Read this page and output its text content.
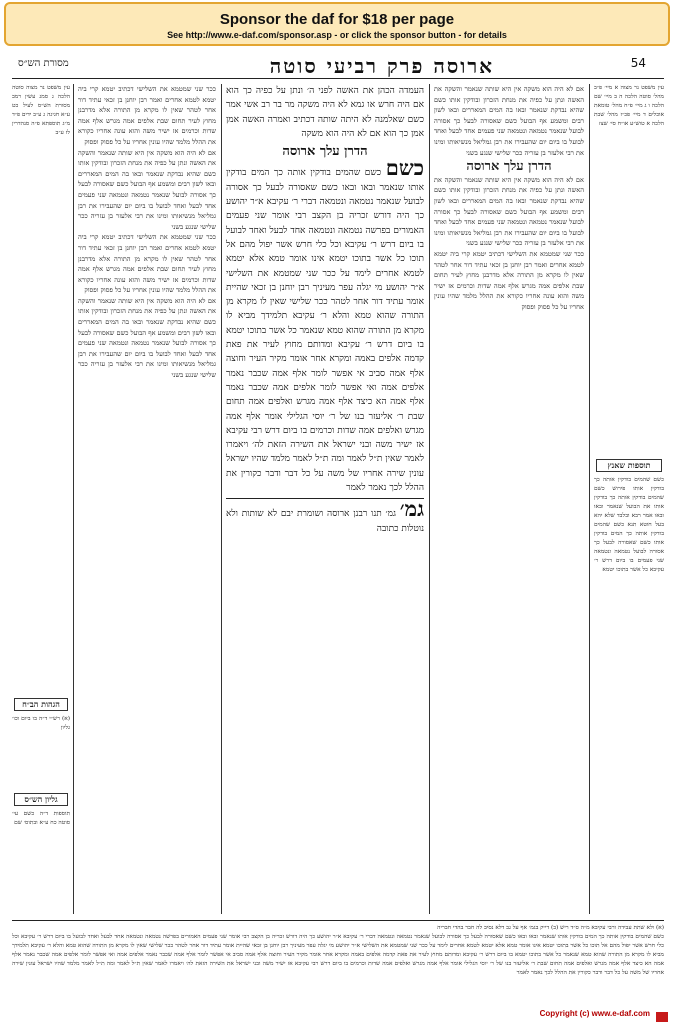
Sponsor the daf for $18 per page
See http://www.e-daf.com/sponsor.asp - or click the sponsor button - for details
54
ארוסה פרק רביעי סוטה
מסורת הש״ס
עין משפט נר מצוה א מיי׳ פ״ב מהל׳ סוטה הלכה ה ב מיי׳ שם הלכה ו ג מיי׳ פ״ח מהל׳ טומאת אוכלים ד מיי׳ פכ״ז מהל׳ שבת הלכה א טוש״ע או״ח סי׳ שצז
תוספות שאנץ
כשם שהמים בודקין אותה כך בודקין אותו פירוש כשם שהמים בודקין אותה כך בודקין אותו את הבועל שנאמר ובאו ובאו אמר רבא ובלבד שלא יהא בעל חוטא תנא כשם שהמים בודקין אותה כך המים בודקין אותו כשם שאסורה לבעל כך אסורה לבועל נטמאה ונטמאה שני פעמים בו ביום דרש ר׳ עקיבא כל אשר בתוכו יטמא
אם לא היה הוא משקה אין היא שותה שנאמר והשקה את האשה ונתן על כפיה את מנחת הזכרון ובודקין אותו כשם שהיא נבדקת שנאמר ובאו בה המים המאררים ובאו לשון רבים ומשמע אף הבועל כשם שאסורה לבעל כך אסורה לבועל שנאמר נטמאה ונטמאה שני פעמים אחד לבעל ואחד לבועל בו ביום יום שהעבירו את רבן גמליאל מנשיאותו ומינו את רבי אלעזר בן עזריה ככר שלישי שנגע בשני
הדרן עלך ארוסה
אם לא היה הוא משקה אין היא שותה שנאמר והשקה את האשה ונתן על כפיה את מנחת הזכרון ובודקין אותו כשם שהיא נבדקת שנאמר ובאו בה המים המאררים ובאו לשון רבים ומשמע אף הבועל כשם שאסורה לבעל כך אסורה לבועל שנאמר נטמאה ונטמאה שני פעמים אחד לבעל ואחד לבועל בו ביום יום שהעבירו את רבן גמליאל מנשיאותו ומינו את רבי אלעזר בן עזריה ככר שלישי שנגע בשני
ככר שני שמטמא את השלישי דכתיב יטמא קרי ביה יטמא לטמא אחרים ואמר רבן יוחנן בן זכאי עתיד דור אחר לטהר שאין לו מקרא מן התורה אלא מדרבנן מחוץ לעיר תחום שבת אלפים אמה מגרש אלף אמה שדות וכרמים אז ישיר משה והוא עונה אחריו כקורא את ההלל מלמד שהיו עונין אחריו על כל פסוק ופסוק
העמדה הכהן את האשה לפני ה׳ ונתן על כפיה כך הוא אם היה חרש או גמא לא היה משקה מר בר רב אשי אמר כשם שאלמנה לא היתה שותה דכתיב ואמרה האשה אמן אמן כך הוא אם לא היה הוא משקה
הדרן עלך ארוסה
כשם כשם שהמים בודקין אותה כך המים בודקין אותו שנאמר ובאו ובאו כשם שאסורה לבעל כך אסורה לבועל שנאמר נטמאה ונטמאה דברי ר׳ עקיבא א״ר יהושע כך היה דורש זכריה בן הקצב רבי אומר שני פעמים האמורים בפרשה נטמאה ונטמאה אחד לבעל ואחד לבועל בו ביום דרש ר׳ עקיבא וכל כלי חרש אשר יפול מהם אל תוכו כל אשר בתוכו יטמא אינו אומר טמא אלא יטמא לטמא אחרים לימד על ככר שני שמטמא את השלישי א״ר יהושע מי יגלה עפר מעיניך רבן יוחנן בן זכאי שהיית אומר עתיד דור אחר לטהר ככר שלישי שאין לו מקרא מן התורה שהוא טמא והלא ר׳ עקיבא תלמידך מביא לו מקרא מן התורה שהוא טמא שנאמר כל אשר בתוכו יטמא בו ביום דרש ר׳ עקיבא ומדותם מחוץ לעיר את פאת קדמה אלפים באמה ומקרא אחר אומר מקיר העיר וחוצה אלף אמה סביב אי אפשר לומר אלף אמה שכבר נאמר אלפים אמה ואי אפשר לומר אלפים אמה שכבר נאמר אלף אמה הא כיצד אלף אמה מגרש ואלפים אמה תחום שבת ר׳ אליעזר בנו של ר׳ יוסי הגלילי אומר אלף אמה מגרש ואלפים אמה שדות וכרמים בו ביום דרש רבי עקיבא אז ישיר משה ובני ישראל את השירה הזאת לה׳ ויאמרו לאמר שאין ת״ל לאמר ומה ת״ל לאמר מלמד שהיו ישראל עונין שירה אחריו של משה על כל דבר ודבר כקורין את ההלל לכך נאמר לאמר
גמ׳ גמ׳ תנו רבנן ארוסה ושומרת יבם לא שותות ולא נוטלות כתובה
ככר שני שמטמא את השלישי דכתיב יטמא קרי ביה יטמא לטמא אחרים ואמר רבן יוחנן בן זכאי עתיד דור אחר לטהר שאין לו מקרא מן התורה אלא מדרבנן מחוץ לעיר תחום שבת אלפים אמה מגרש אלף אמה שדות וכרמים אז ישיר משה והוא עונה אחריו כקורא את ההלל מלמד שהיו עונין אחריו על כל פסוק ופסוק
אם לא היה הוא משקה אין היא שותה שנאמר והשקה את האשה ונתן על כפיה את מנחת הזכרון ובודקין אותו כשם שהיא נבדקת שנאמר ובאו בה המים המאררים ובאו לשון רבים ומשמע אף הבועל כשם שאסורה לבעל כך אסורה לבועל שנאמר נטמאה ונטמאה שני פעמים אחד לבעל ואחד לבועל בו ביום יום שהעבירו את רבן גמליאל מנשיאותו ומינו את רבי אלעזר בן עזריה ככר שלישי שנגע בשני
ככר שני שמטמא את השלישי דכתיב יטמא קרי ביה יטמא לטמא אחרים ואמר רבן יוחנן בן זכאי עתיד דור אחר לטהר שאין לו מקרא מן התורה אלא מדרבנן מחוץ לעיר תחום שבת אלפים אמה מגרש אלף אמה שדות וכרמים אז ישיר משה והוא עונה אחריו כקורא את ההלל מלמד שהיו עונין אחריו על כל פסוק ופסוק
אם לא היה הוא משקה אין היא שותה שנאמר והשקה את האשה ונתן על כפיה את מנחת הזכרון ובודקין אותו כשם שהיא נבדקת שנאמר ובאו בה המים המאררים ובאו לשון רבים ומשמע אף הבועל כשם שאסורה לבעל כך אסורה לבועל שנאמר נטמאה ונטמאה שני פעמים אחד לבעל ואחד לבועל בו ביום יום שהעבירו את רבן גמליאל מנשיאותו ומינו את רבי אלעזר בן עזריה ככר שלישי שנגע בשני
עין משפט נר מצוה סוטה הלכה ג סמג עשין רמב מסורת הש״ס לעיל כט ע״א חגיגה ג ע״ב ידים פ״ד מ״ג תוספתא פ״ה סנהדרין לז ע״ב
הגהות הב״ח
(א) רש״י ד״ה בו ביום וכו׳ גליון
גליון הש״ס
תוספות ד״ה כשם עי׳ סוטה כח ע״א ובתוס׳ שם
(א) ולא שתת עבידה ורבי עקיבא מ״ה ס״ד ריש (ב) דייק בגמ׳ אף על גב דלא נסיב לה חבר בהדי חבריה
כשם שהמים בודקין אותה כך המים בודקין אותו שנאמר ובאו ובאו כשם שאסורה לבעל כך אסורה לבועל שנאמר נטמאה ונטמאה דברי ר׳ עקיבא א״ר יהושע כך היה דורש זכריה בן הקצב רבי אומר שני פעמים האמורים בפרשה נטמאה ונטמאה אחד לבעל ואחד לבועל בו ביום דרש ר׳ עקיבא וכל כלי חרש אשר יפול מהם אל תוכו כל אשר בתוכו יטמא אינו אומר טמא אלא יטמא לטמא אחרים לימד על ככר שני שמטמא את השלישי א״ר יהושע מי יגלה עפר מעיניך רבן יוחנן בן זכאי שהיית אומר עתיד דור אחר לטהר ככר שלישי שאין לו מקרא מן התורה שהוא טמא והלא ר׳ עקיבא תלמידך מביא לו מקרא מן התורה שהוא טמא שנאמר כל אשר בתוכו יטמא בו ביום דרש ר׳ עקיבא ומדותם מחוץ לעיר את פאת קדמה אלפים באמה ומקרא אחר אומר מקיר העיר וחוצה אלף אמה סביב אי אפשר לומר אלף אמה שכבר נאמר אלפים אמה ואי אפשר לומר אלפים אמה שכבר נאמר אלף אמה הא כיצד אלף אמה מגרש ואלפים אמה תחום שבת ר׳ אליעזר בנו של ר׳ יוסי הגלילי אומר אלף אמה מגרש ואלפים אמה שדות וכרמים בו ביום דרש רבי עקיבא אז ישיר משה ובני ישראל את השירה הזאת לה׳ ויאמרו לאמר שאין ת״ל לאמר ומה ת״ל לאמר מלמד שהיו ישראל עונין שירה אחריו של משה על כל דבר ודבר כקורין את ההלל לכך נאמר לאמר
Copyright (c) www.e-daf.com
